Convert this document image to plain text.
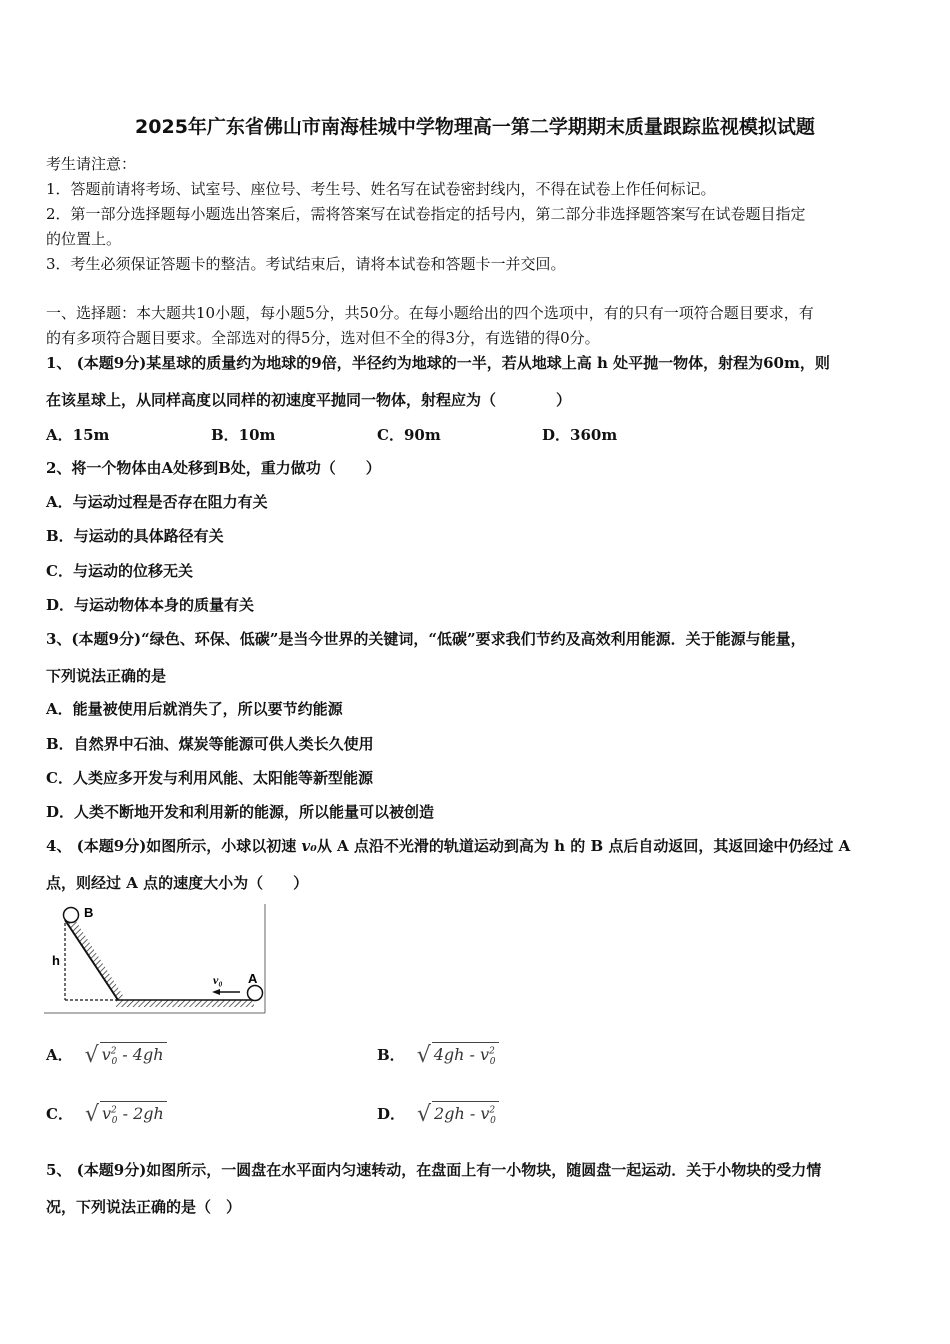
2025年广东省佛山市南海桂城中学物理高一第二学期期末质量跟踪监视模拟试题
考生请注意：
1．答题前请将考场、试室号、座位号、考生号、姓名写在试卷密封线内，不得在试卷上作任何标记。
2．第一部分选择题每小题选出答案后，需将答案写在试卷指定的括号内，第二部分非选择题答案写在试卷题目指定
的位置上。
3．考生必须保证答题卡的整洁。考试结束后，请将本试卷和答题卡一并交回。
一、选择题：本大题共10小题，每小题5分，共50分。在每小题给出的四个选项中，有的只有一项符合题目要求，有
的有多项符合题目要求。全部选对的得5分，选对但不全的得3分，有选错的得0分。
1、 (本题9分)某星球的质量约为地球的9倍，半径约为地球的一半，若从地球上高 h 处平抛一物体，射程为60m，则
在该星球上，从同样高度以同样的初速度平抛同一物体，射程应为（　　　　）
A．15m	B．10m	C．90m	D．360m
2、将一个物体由A处移到B处，重力做功（　　）
A．与运动过程是否存在阻力有关
B．与运动的具体路径有关
C．与运动的位移无关
D．与运动物体本身的质量有关
3、(本题9分)“绿色、环保、低碳”是当今世界的关键词，“低碳”要求我们节约及高效利用能源．关于能源与能量，
下列说法正确的是
A．能量被使用后就消失了，所以要节约能源
B．自然界中石油、煤炭等能源可供人类长久使用
C．人类应多开发与利用风能、太阳能等新型能源
D．人类不断地开发和利用新的能源，所以能量可以被创造
4、 (本题9分)如图所示，小球以初速 v₀从 A 点沿不光滑的轨道运动到高为 h 的 B 点后自动返回，其返回途中仍经过 A
点，则经过 A 点的速度大小为（　　）
B
h
v₀ A
A． √ $v^2_0 - 4gh$	B． √ $4gh - v^2_0$
C． √ $v^2_0 - 2gh$	D． √ $2gh - v^2_0$
5、 (本题9分)如图所示，一圆盘在水平面内匀速转动，在盘面上有一小物块，随圆盘一起运动．关于小物块的受力情
况，下列说法正确的是（　）
